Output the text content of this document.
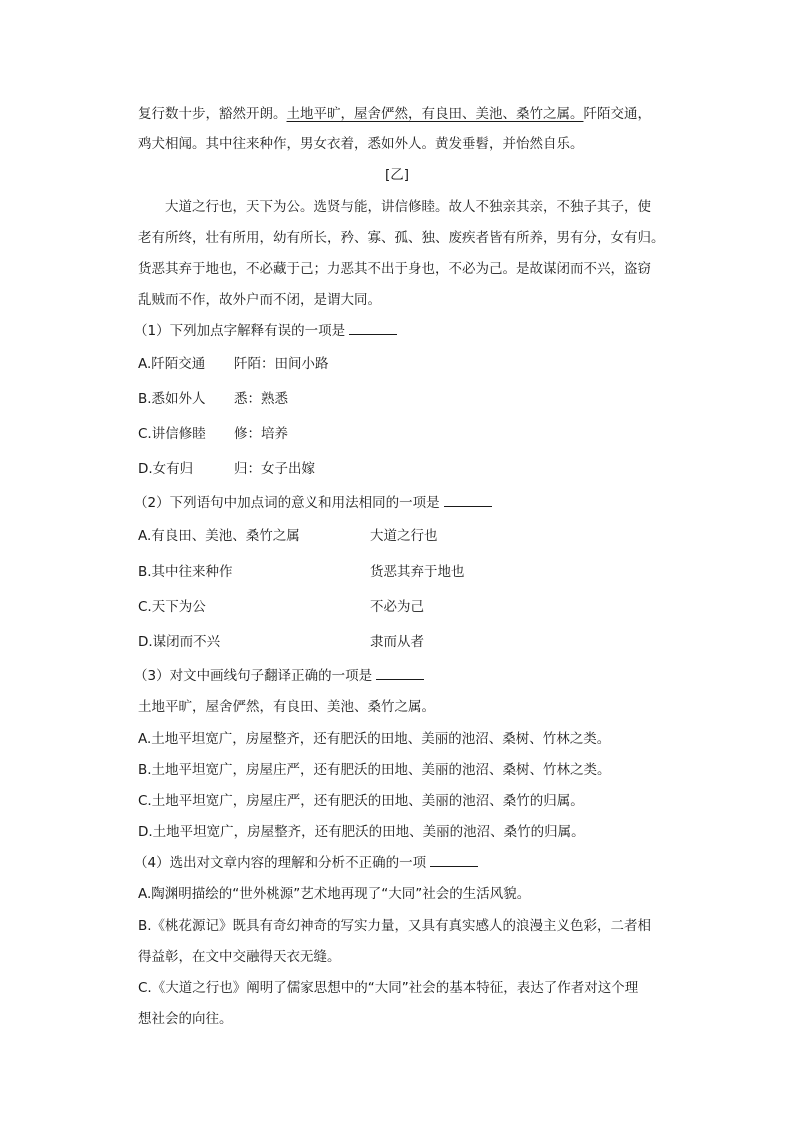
复行数十步，豁然开朗。土地平旷，屋舍俨然，有良田、美池、桑竹之属。阡陌交通，
鸡犬相闻。其中往来种作，男女衣着，悉如外人。黄发垂髫，并怡然自乐。
[乙]
大道之行也，天下为公。选贤与能，讲信修睦。故人不独亲其亲，不独子其子，使
老有所终，壮有所用，幼有所长，矜、寡、孤、独、废疾者皆有所养，男有分，女有归。
货恶其弃于地也，不必藏于己；力恶其不出于身也，不必为己。是故谋闭而不兴，盗窃
乱贼而不作，故外户而不闭，是谓大同。
（1）下列加点字解释有误的一项是
A.阡陌交通 阡陌：田间小路
B.悉如外人 悉：熟悉
C.讲信修睦 修：培养
D.女有归	归：女子出嫁
（2）下列语句中加点词的意义和用法相同的一项是
A.有良田、美池、桑竹之属	大道之行也
B.其中往来种作	货恶其弃于地也
C.天下为公	不必为己
D.谋闭而不兴	隶而从者
（3）对文中画线句子翻译正确的一项是
土地平旷，屋舍俨然，有良田、美池、桑竹之属。
A.土地平坦宽广，房屋整齐，还有肥沃的田地、美丽的池沼、桑树、竹林之类。
B.土地平坦宽广，房屋庄严，还有肥沃的田地、美丽的池沼、桑树、竹林之类。
C.土地平坦宽广，房屋庄严，还有肥沃的田地、美丽的池沼、桑竹的归属。
D.土地平坦宽广，房屋整齐，还有肥沃的田地、美丽的池沼、桑竹的归属。
（4）选出对文章内容的理解和分析不正确的一项
A.陶渊明描绘的“世外桃源”艺术地再现了“大同”社会的生活风貌。
B.《桃花源记》既具有奇幻神奇的写实力量，又具有真实感人的浪漫主义色彩，二者相
得益彰，在文中交融得天衣无缝。
C.《大道之行也》阐明了儒家思想中的“大同”社会的基本特征，表达了作者对这个理
想社会的向往。
